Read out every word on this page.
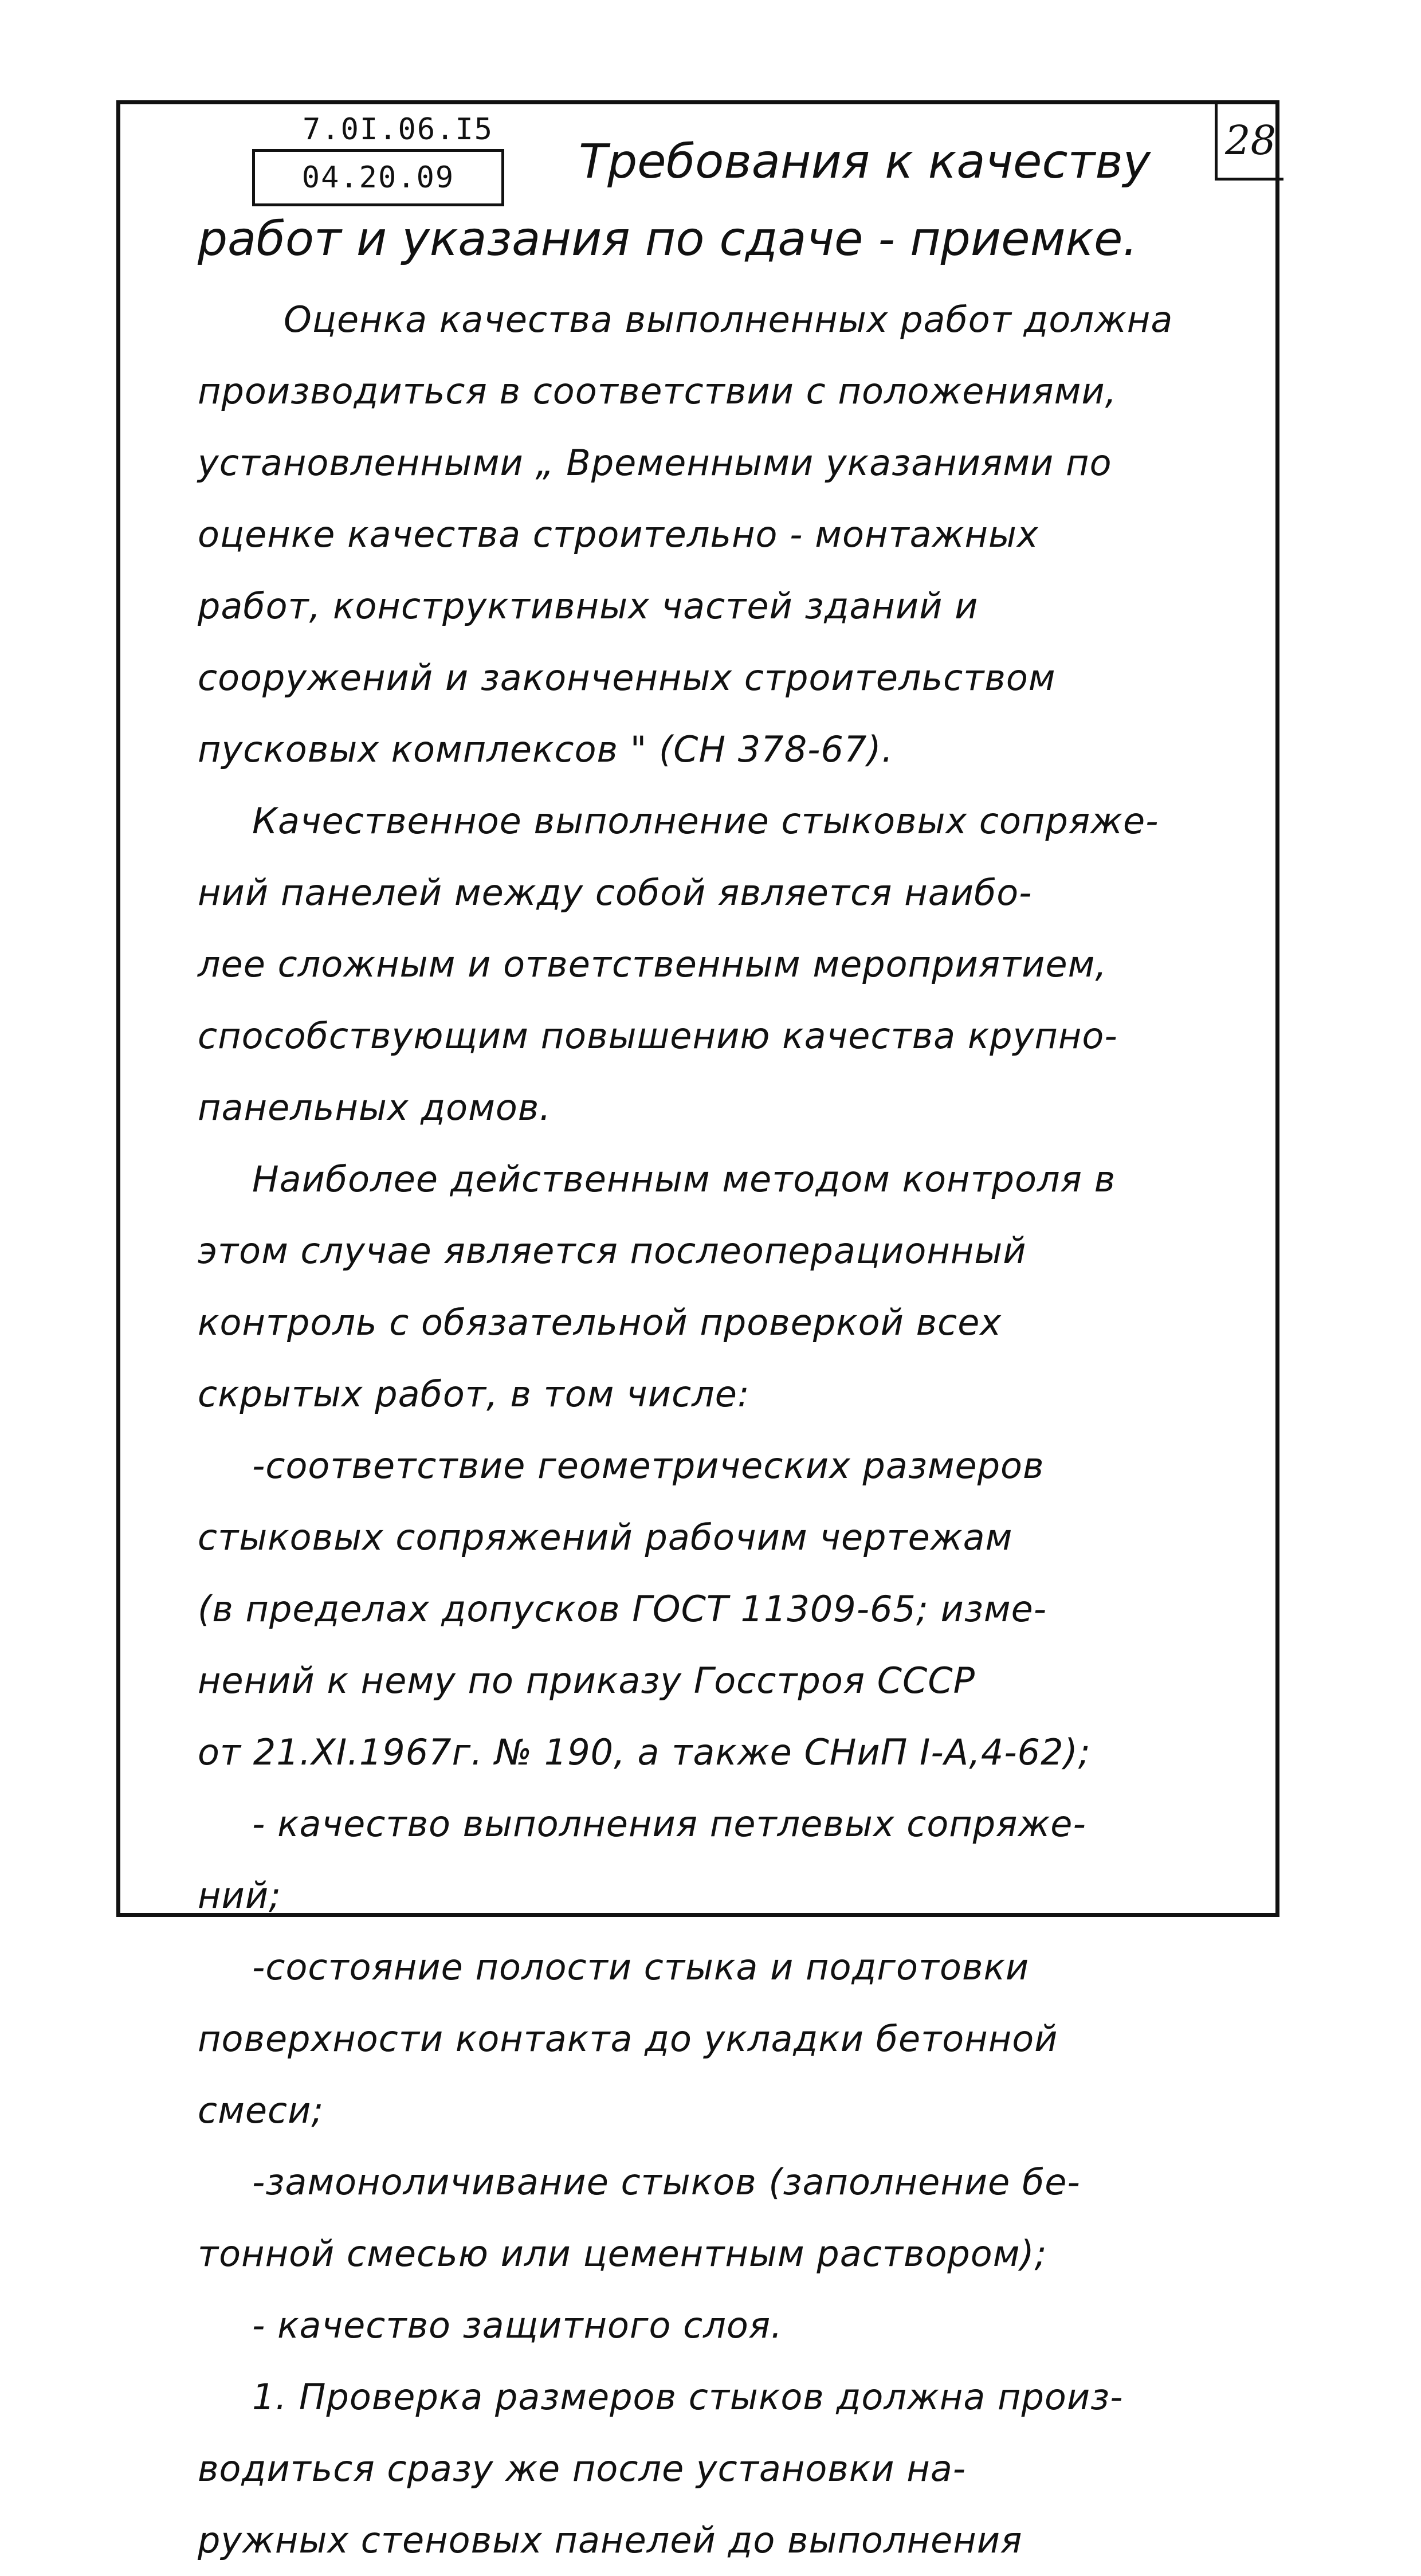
7.0I.06.I5
04.20.09
28
Требования к качеству
работ и указания по сдаче - приемке.
Оценка качества выполненных работ должна
производиться в соответствии с положениями,
установленными „ Временными указаниями по
оценке качества строительно - монтажных
работ, конструктивных частей зданий и
сооружений и законченных строительством
пусковых комплексов " (СН 378-67).
Качественное выполнение стыковых сопряже-
ний панелей между собой является наибо-
лее сложным и ответственным мероприятием,
способствующим повышению качества крупно-
панельных домов.
Наиболее действенным методом контроля в
этом случае является послеоперационный
контроль с обязательной проверкой всех
скрытых работ, в том числе:
-соответствие геометрических размеров
стыковых сопряжений рабочим чертежам
(в пределах допусков ГОСТ 11309-65; изме-
нений к нему по приказу Госстроя СССР
от 21.XI.1967г. № 190, а также СНиП I-А,4-62);
- качество выполнения петлевых сопряже-
ний;
-состояние полости стыка и подготовки
поверхности контакта до укладки бетонной
смеси;
-замоноличивание стыков (заполнение бе-
тонной смесью или цементным раствором);
- качество защитного слоя.
1. Проверка размеров стыков должна произ-
водиться сразу же после установки на-
ружных стеновых панелей до выполнения
